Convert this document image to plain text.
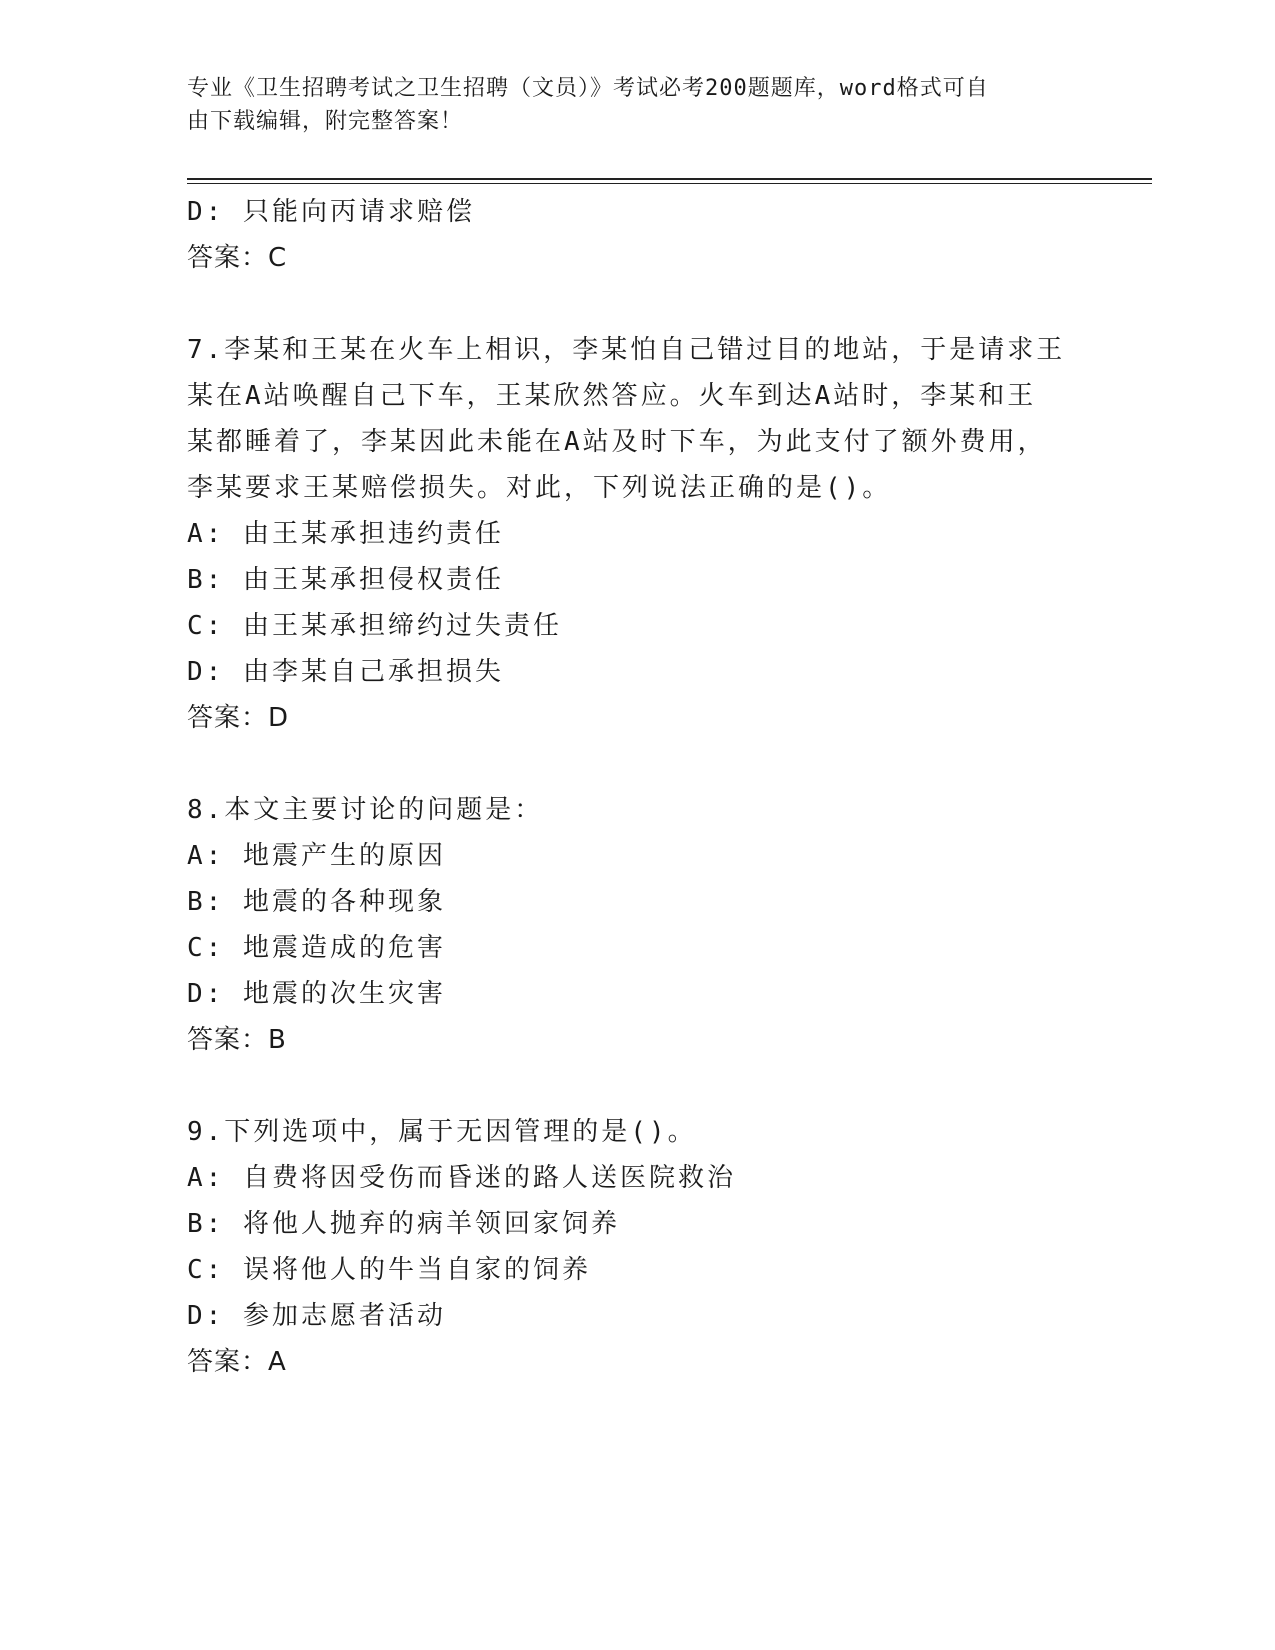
专业《卫生招聘考试之卫生招聘（文员）》考试必考200题题库，word格式可自
由下载编辑，附完整答案！
D: 只能向丙请求赔偿
答案：C
7.李某和王某在火车上相识，李某怕自己错过目的地站，于是请求王
某在A站唤醒自己下车，王某欣然答应。火车到达A站时，李某和王
某都睡着了，李某因此未能在A站及时下车，为此支付了额外费用，
李某要求王某赔偿损失。对此，下列说法正确的是()。
A: 由王某承担违约责任
B: 由王某承担侵权责任
C: 由王某承担缔约过失责任
D: 由李某自己承担损失
答案：D
8.本文主要讨论的问题是：
A: 地震产生的原因
B: 地震的各种现象
C: 地震造成的危害
D: 地震的次生灾害
答案：B
9.下列选项中，属于无因管理的是()。
A: 自费将因受伤而昏迷的路人送医院救治
B: 将他人抛弃的病羊领回家饲养
C: 误将他人的牛当自家的饲养
D: 参加志愿者活动
答案：A
